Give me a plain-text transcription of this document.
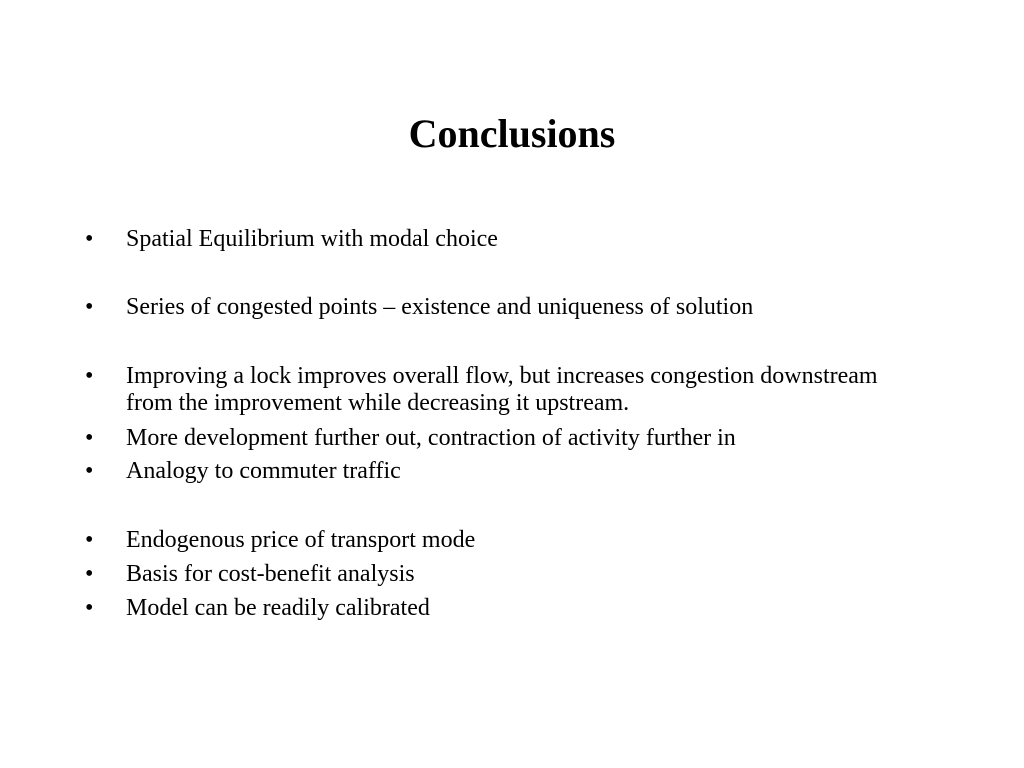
Conclusions
•	Spatial Equilibrium with modal choice
•	Series of congested points – existence and uniqueness of solution
•	Improving a lock improves overall flow, but increases congestion downstream from the improvement while decreasing it upstream.
•	More development further out, contraction of activity further in
•	Analogy to commuter traffic
•	Endogenous price of transport mode
•	Basis for cost-benefit analysis
•	Model can be readily calibrated
